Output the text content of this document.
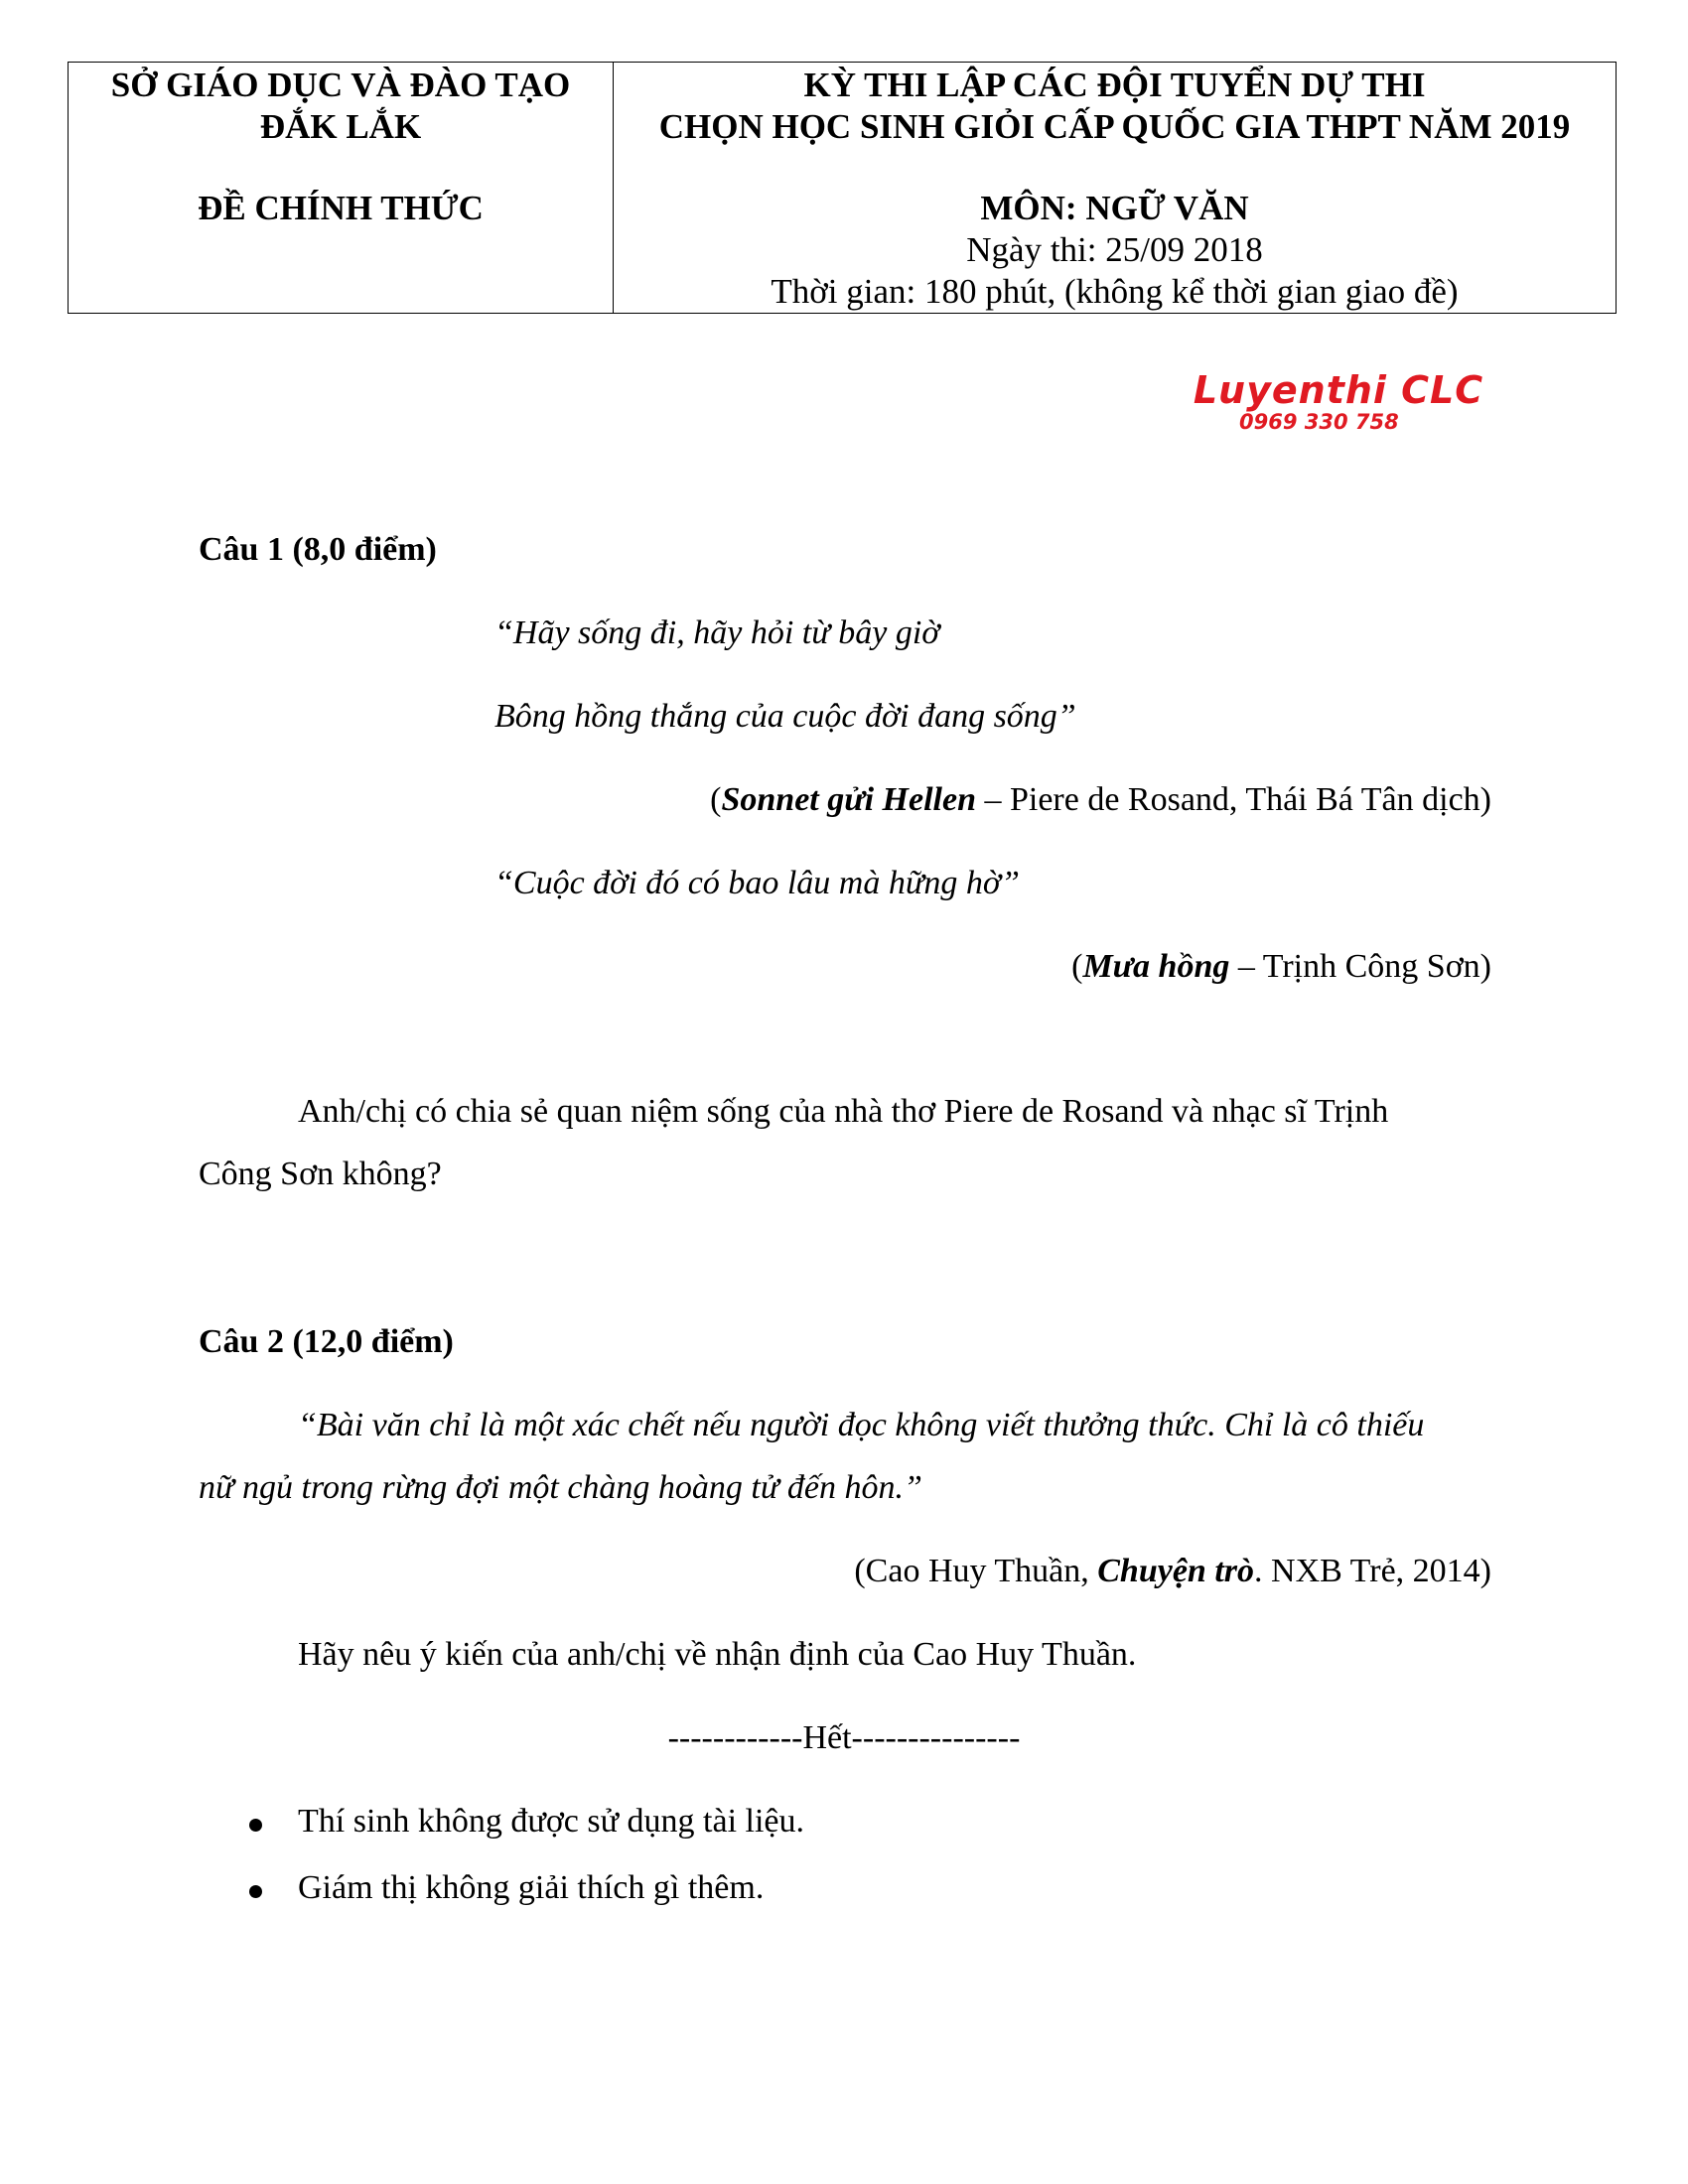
SỞ GIÁO DỤC VÀ ĐÀO TẠO
ĐẮK LẮK
ĐỀ CHÍNH THỨC

KỲ THI LẬP CÁC ĐỘI TUYỂN DỰ THI
CHỌN HỌC SINH GIỎI CẤP QUỐC GIA THPT NĂM 2019
MÔN: NGỮ VĂN
Ngày thi: 25/09 2018
Thời gian: 180 phút, (không kể thời gian giao đề)
Luyenthi CLC
0969 330 758
Câu 1 (8,0 điểm)
“Hãy sống đi, hãy hỏi từ bây giờ
Bông hồng thắng của cuộc đời đang sống”
(Sonnet gửi Hellen – Piere de Rosand, Thái Bá Tân dịch)
“Cuộc đời đó có bao lâu mà hững hờ”
(Mưa hồng – Trịnh Công Sơn)
Anh/chị có chia sẻ quan niệm sống của nhà thơ Piere de Rosand và nhạc sĩ Trịnh
Công Sơn không?
Câu 2 (12,0 điểm)
“Bài văn chỉ là một xác chết nếu người đọc không viết thưởng thức. Chỉ là cô thiếu
nữ ngủ trong rừng đợi một chàng hoàng tử đến hôn.”
(Cao Huy Thuần, Chuyện trò. NXB Trẻ, 2014)
Hãy nêu ý kiến của anh/chị về nhận định của Cao Huy Thuần.
------------Hết---------------
Thí sinh không được sử dụng tài liệu.
Giám thị không giải thích gì thêm.
